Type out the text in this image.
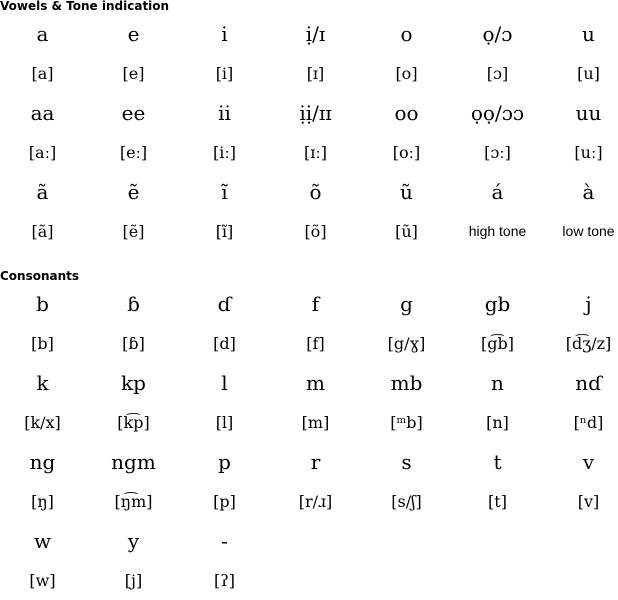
Vowels & Tone indication
a	e	i	ị/ɪ	o	ọ/ɔ	u
[a]	[e]	[i]	[ɪ]	[o]	[ɔ]	[u]
aa	ee	ii	ịị/ɪɪ	oo	ọọ/ɔɔ	uu
[aː]	[eː]	[iː]	[ɪː]	[oː]	[ɔː]	[uː]
ã	ẽ	ĩ	õ	ũ	á	à
[ã]	[ẽ]	[ĩ]	[õ]	[ũ]	high tone	low tone
Consonants
b	ɓ	ɗ	f	g	gb	j
[b]	[ɓ]	[d]	[f]	[g/ɣ]	[g͡b]	[d͡ʒ/z]
k	kp	l	m	mb	n	nɗ
[k/x]	[k͡p]	[l]	[m]	[ᵐb]	[n]	[ⁿd]
ng	ngm	p	r	s	t	v
[ŋ]	[ŋ͡m]	[p]	[r/ɹ]	[s/ʃ]	[t]	[v]
w	y	-
[w]	[j]	[ʔ]
